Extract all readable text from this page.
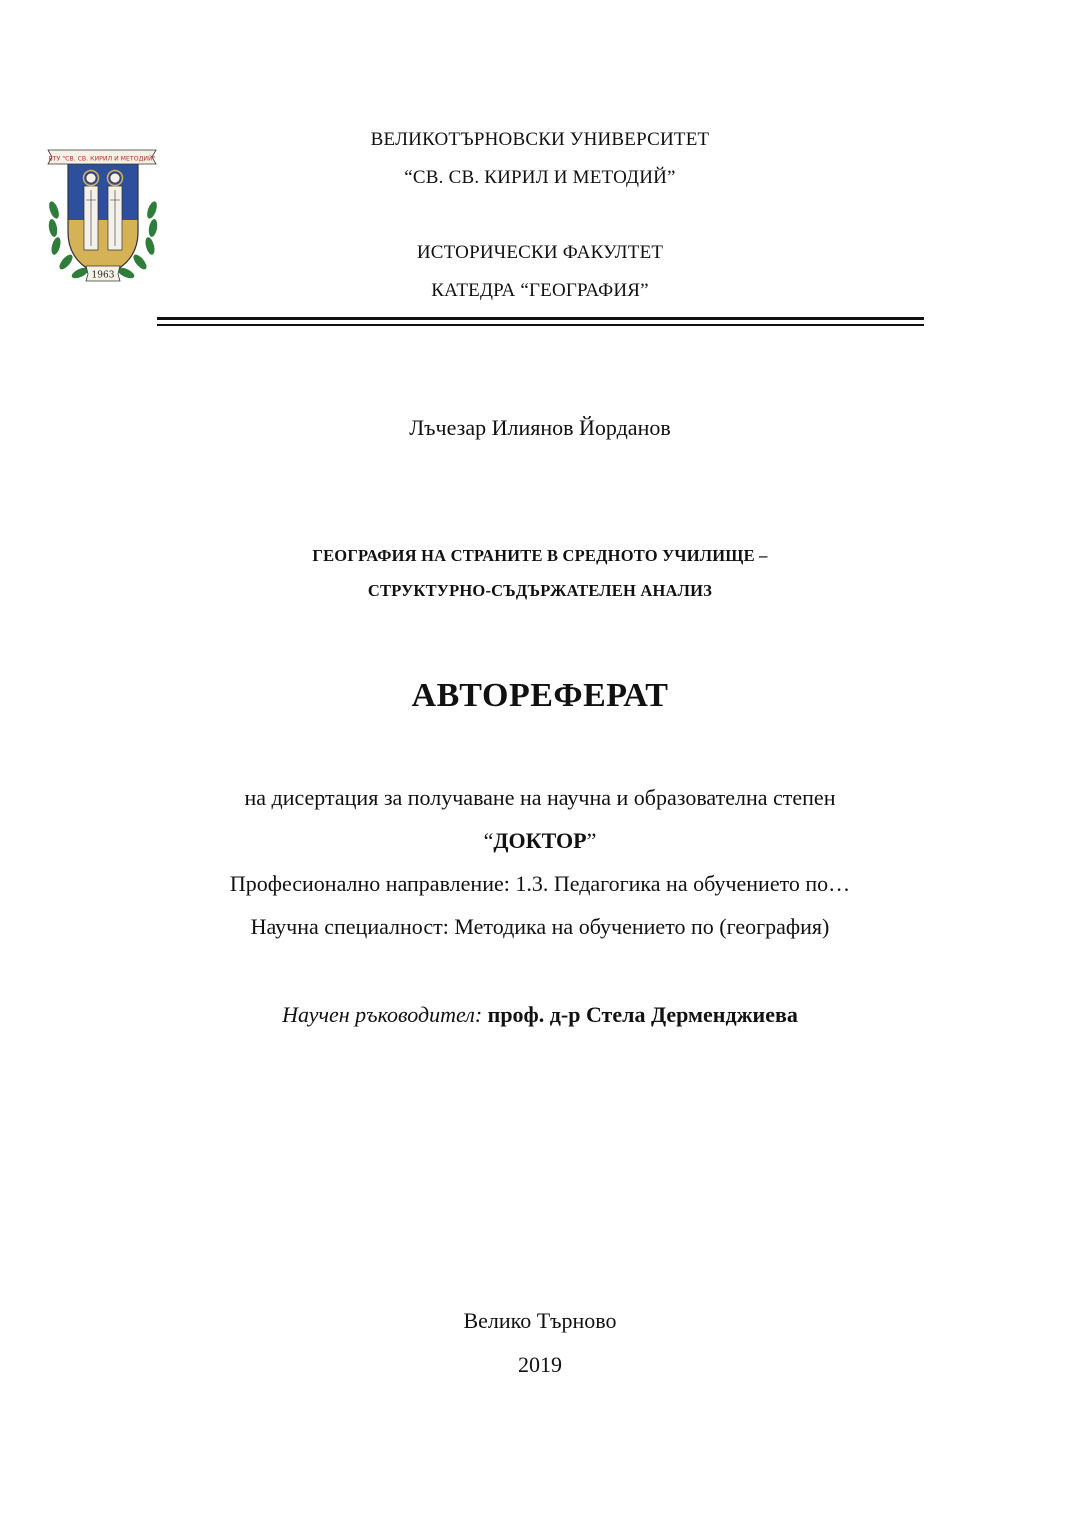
ВТУ "СВ. СВ. КИРИЛ И МЕТОДИЙ"
1963
ВЕЛИКОТЪРНОВСКИ УНИВЕРСИТЕТ
“СВ. СВ. КИРИЛ И МЕТОДИЙ”
ИСТОРИЧЕСКИ ФАКУЛТЕТ
КАТЕДРА “ГЕОГРАФИЯ”
Лъчезар Илиянов Йорданов
ГЕОГРАФИЯ НА СТРАНИТЕ В СРЕДНОТО УЧИЛИЩЕ –
СТРУКТУРНО-СЪДЪРЖАТЕЛЕН АНАЛИЗ
АВТОРЕФЕРАТ
на дисертация за получаване на научна и образователна степен
“ДОКТОР”
Професионално направление: 1.3. Педагогика на обучението по…
Научна специалност: Методика на обучението по (география)
Научен ръководител: проф. д-р Стела Дерменджиева
Велико Търново
2019
